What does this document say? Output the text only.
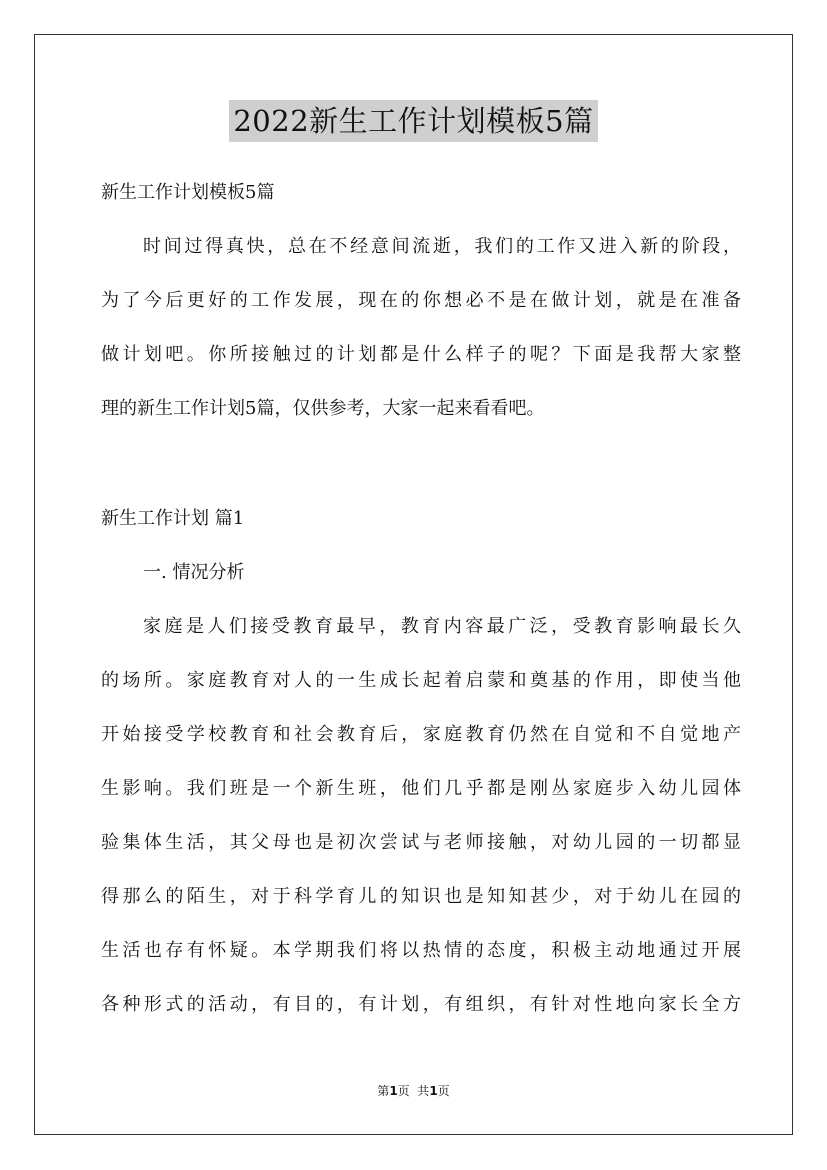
2022新生工作计划模板5篇
新生工作计划模板5篇
时间过得真快，总在不经意间流逝，我们的工作又进入新的阶段，
为了今后更好的工作发展，现在的你想必不是在做计划，就是在准备
做计划吧。你所接触过的计划都是什么样子的呢？下面是我帮大家整
理的新生工作计划5篇，仅供参考，大家一起来看看吧。
新生工作计划 篇1
一. 情况分析
家庭是人们接受教育最早，教育内容最广泛，受教育影响最长久
的场所。家庭教育对人的一生成长起着启蒙和奠基的作用，即使当他
开始接受学校教育和社会教育后，家庭教育仍然在自觉和不自觉地产
生影响。我们班是一个新生班，他们几乎都是刚丛家庭步入幼儿园体
验集体生活，其父母也是初次尝试与老师接触，对幼儿园的一切都显
得那么的陌生，对于科学育儿的知识也是知知甚少，对于幼儿在园的
生活也存有怀疑。本学期我们将以热情的态度，积极主动地通过开展
各种形式的活动，有目的，有计划，有组织，有针对性地向家长全方
第1页  共1页
